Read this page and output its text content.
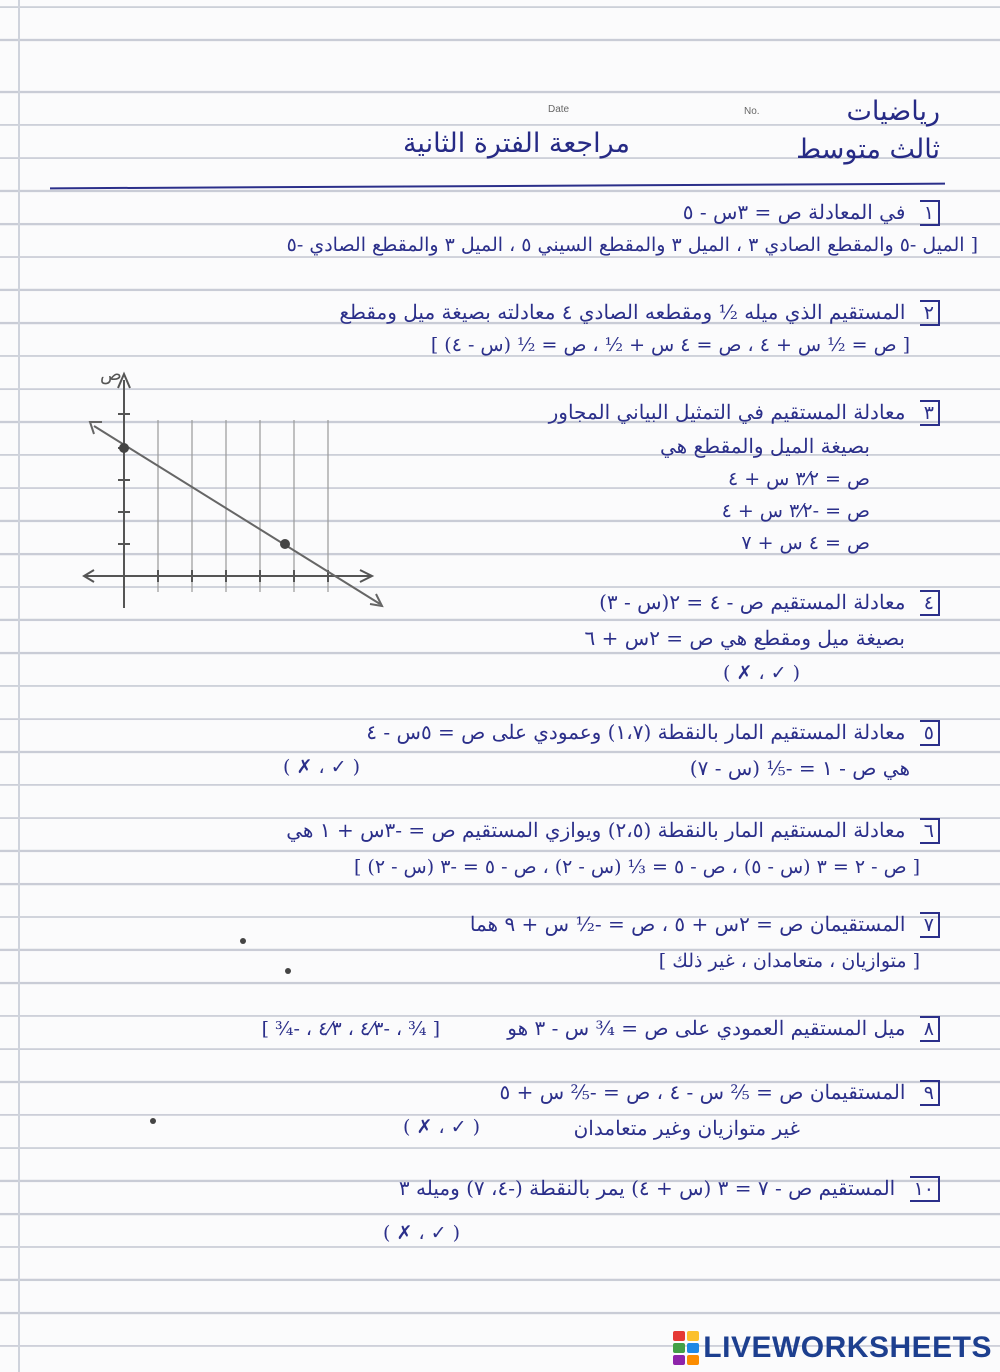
Date	No.	رياضيات
ثالث متوسط
مراجعة الفترة الثانية
١ في المعادلة ص = ٣س - ٥
[ الميل -٥ والمقطع الصادي ٣ ، الميل ٣ والمقطع السيني ٥ ، الميل ٣ والمقطع الصادي -٥
٢ المستقيم الذي ميله ½ ومقطعه الصادي ٤ معادلته بصيغة ميل ومقطع
[ ص = ½ س + ٤ ، ص = ٤ س + ½ ، ص = ½ (س - ٤) ]
٣ معادلة المستقيم في التمثيل البياني المجاور
بصيغة الميل والمقطع هي
ص = ٣⁄٢ س + ٤
ص = -٣⁄٢ س + ٤
ص = ٤ س + ٧
ص
٤ معادلة المستقيم ص - ٤ = ٢(س - ٣)
بصيغة ميل ومقطع هي ص = ٢س + ٦
( ✓ ، ✗ )
٥ معادلة المستقيم المار بالنقطة (١،٧) وعمودي على ص = ٥س - ٤
هي ص - ١ = -⅕ (س - ٧)
( ✓ ، ✗ )
٦ معادلة المستقيم المار بالنقطة (٢،٥) ويوازي المستقيم ص = -٣س + ١ هي
[ ص - ٢ = ٣ (س - ٥) ، ص - ٥ = ⅓ (س - ٢) ، ص - ٥ = -٣ (س - ٢) ]
٧ المستقيمان ص = ٢س + ٥ ، ص = -½ س + ٩ هما
[ متوازيان ، متعامدان ، غير ذلك ]
٨ ميل المستقيم العمودي على ص = ¾ س - ٣ هو
[ ¾ ، -٤⁄٣ ، ٤⁄٣ ، -¾ ]
٩ المستقيمان ص = ⅖ س - ٤ ، ص = -⅖ س + ٥
غير متوازيان وغير متعامدان
( ✓ ، ✗ )
١٠ المستقيم ص - ٧ = ٣ (س + ٤) يمر بالنقطة (-٤، ٧) وميله ٣
( ✓ ، ✗ )
LIVEWORKSHEETS
